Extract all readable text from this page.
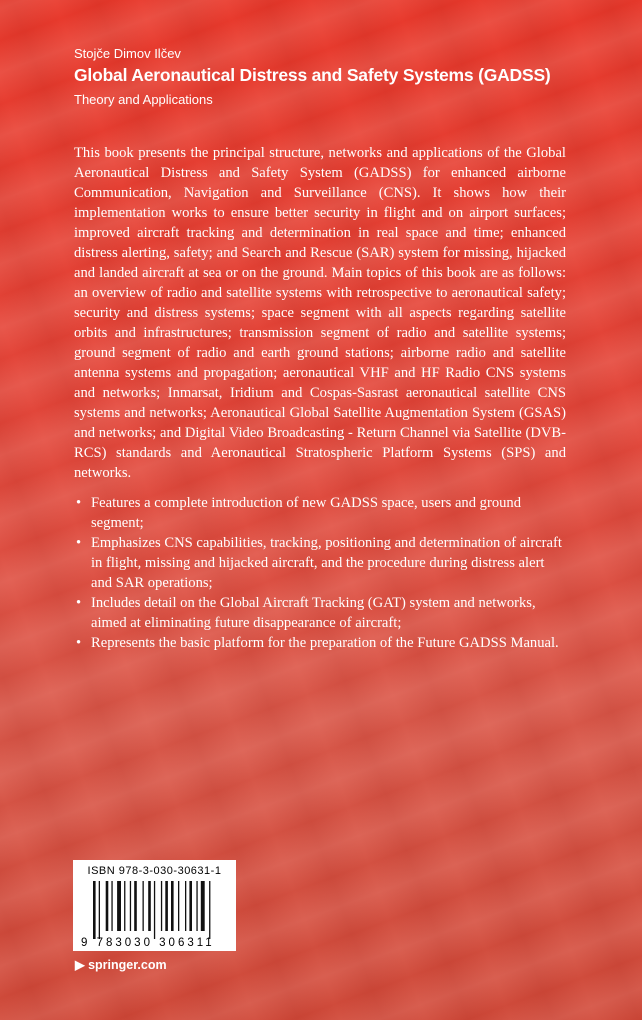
Stojče Dimov Ilčev
Global Aeronautical Distress and Safety Systems (GADSS)
Theory and Applications

This book presents the principal structure, networks and applications of the Global Aeronautical Distress and Safety System (GADSS) for enhanced airborne Communication, Navigation and Surveillance (CNS). It shows how their implementation works to ensure better security in flight and on airport surfaces; improved aircraft tracking and determination in real space and time; enhanced distress alerting, safety; and Search and Rescue (SAR) system for missing, hijacked and landed aircraft at sea or on the ground. Main topics of this book are as follows: an overview of radio and satellite systems with retrospective to aeronautical safety; security and distress systems; space segment with all aspects regarding satellite orbits and infrastructures; transmission segment of radio and satellite systems; ground segment of radio and earth ground stations; airborne radio and satellite antenna systems and propagation; aeronautical VHF and HF Radio CNS systems and networks; Inmarsat, Iridium and Cospas-Sasrast aeronautical satellite CNS systems and networks; Aeronautical Global Satellite Augmentation System (GSAS) and networks; and Digital Video Broadcasting - Return Channel via Satellite (DVB-RCS) standards and Aeronautical Stratospheric Platform Systems (SPS) and networks.

• Features a complete introduction of new GADSS space, users and ground segment;
• Emphasizes CNS capabilities, tracking, positioning and determination of aircraft in flight, missing and hijacked aircraft, and the procedure during distress alert and SAR operations;
• Includes detail on the Global Aircraft Tracking (GAT) system and networks, aimed at eliminating future disappearance of aircraft;
• Represents the basic platform for the preparation of the Future GADSS Manual.
ISBN 978-3-030-30631-1
9 783030 306311
▶ springer.com
